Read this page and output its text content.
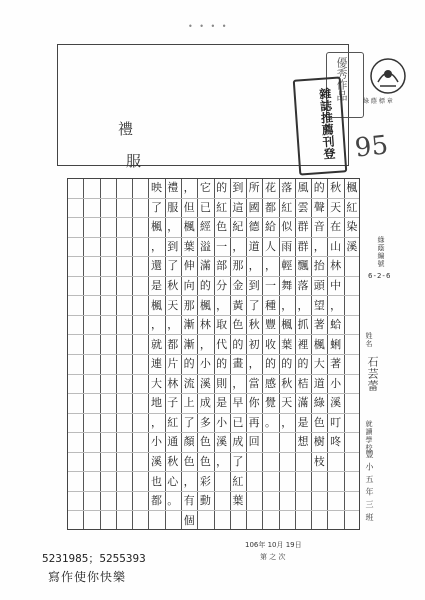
• • • •
禮
服
優秀作品
雜誌推薦刊登	綠 蔭 標 章
95
綠蔭編號
6-2-6
姓名
石芸蕾
就讀學校
豐 小 五 年 三 班
楓
紅
染
溪
秋
天
在
山
林
中
，
蛤
蜊
著
小
溪
叮
咚
的
聲
音
，
抬
頭
望
著
楓
大
道
綠
色
樹
枝
風
雲
群
群
飄
落
，
抓
裡
的
桔
滿
是
想
落
紅
似
雨
輕
舞
，
楓
葉
的
秋
天
，
花
都
給
人
，
一
種
豐
收
的
感
覺
。
所
國
德
道
，
到
了
秋
初
，
當
你
再
回
到
這
紀
，
那
金
黃
色
的
畫
，
早
已
成
了
紅
葉
的
紅
色
一
部
分
，
取
代
的
則
是
小
溪
，
它
已
經
溢
滿
的
楓
林
，
小
溪
成
多
色
色
彩
動
，
但
楓
葉
伸
向
那
漸
漸
的
流
上
了
顏
色
，
有
個
禮
服
，
到
了
秋
天
，
都
片
林
子
紅
通
秋
心
。
映
了
楓
，
還
是
楓
，
就
連
大
地
，
小
溪
也
都
5231985；5255393
寫作使你快樂
106年 10月 19日
第 之 次
